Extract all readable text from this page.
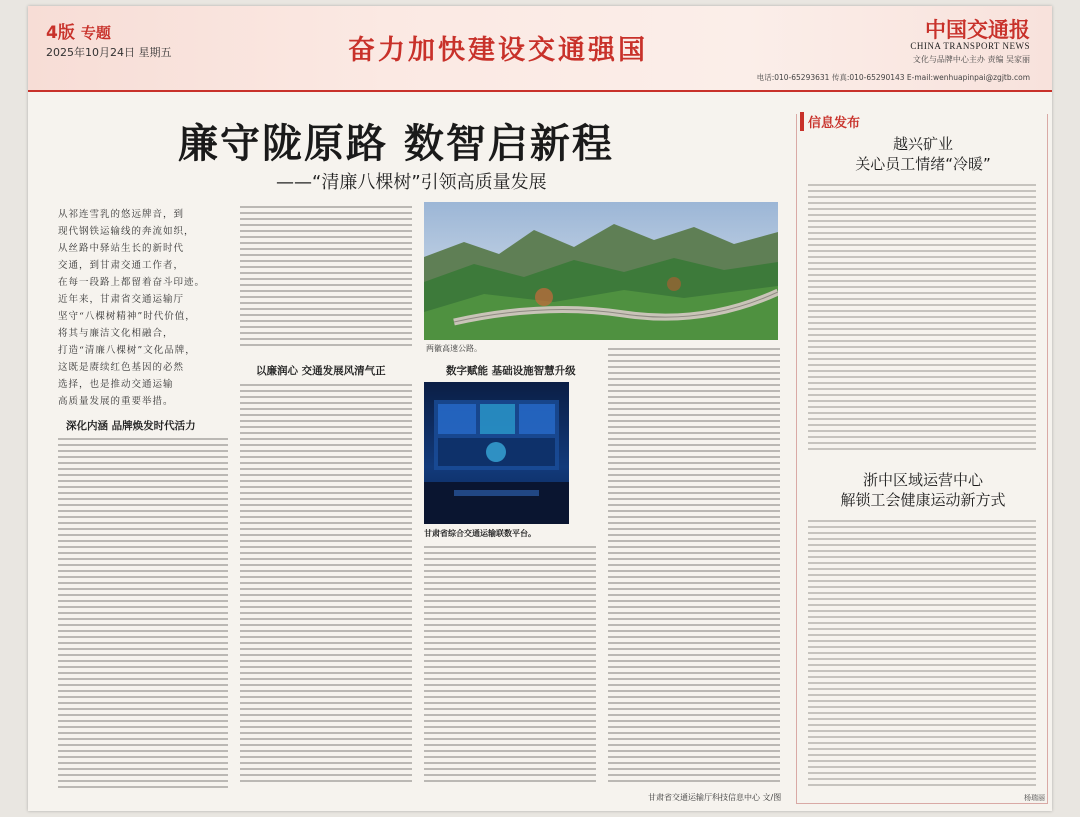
4版 专题
2025年10月24日 星期五	奋力加快建设交通强国
中国交通报
CHINA TRANSPORT NEWS
文化与品牌中心主办 责编 吴家丽
电话:010-65293631 传真:010-65290143 E-mail:wenhuapinpai@zgjtb.com
廉守陇原路 数智启新程
——“清廉八棵树”引领高质量发展
从祁连雪乳的悠远牌音，到
现代钢铁运输线的奔流如织，
从丝路中驿站生长的新时代
交通，到甘肃交通工作者，
在每一段路上都留着奋斗印迹。
近年来，甘肃省交通运输厅
坚守“八棵树精神”时代价值，
将其与廉洁文化相融合，
打造“清廉八棵树”文化品牌，
这既是赓续红色基因的必然
选择，也是推动交通运输
高质量发展的重要举措。
深化内涵 品牌焕发时代活力
以廉润心 交通发展风清气正
两徽高速公路。
数字赋能 基础设施智慧升级
甘肃省综合交通运输联数平台。
甘肃省交通运输厅科技信息中心 文/图
信息发布
越兴矿业
关心员工情绪“冷暖”
浙中区域运营中心
解锁工会健康运动新方式
杨瑞丽
